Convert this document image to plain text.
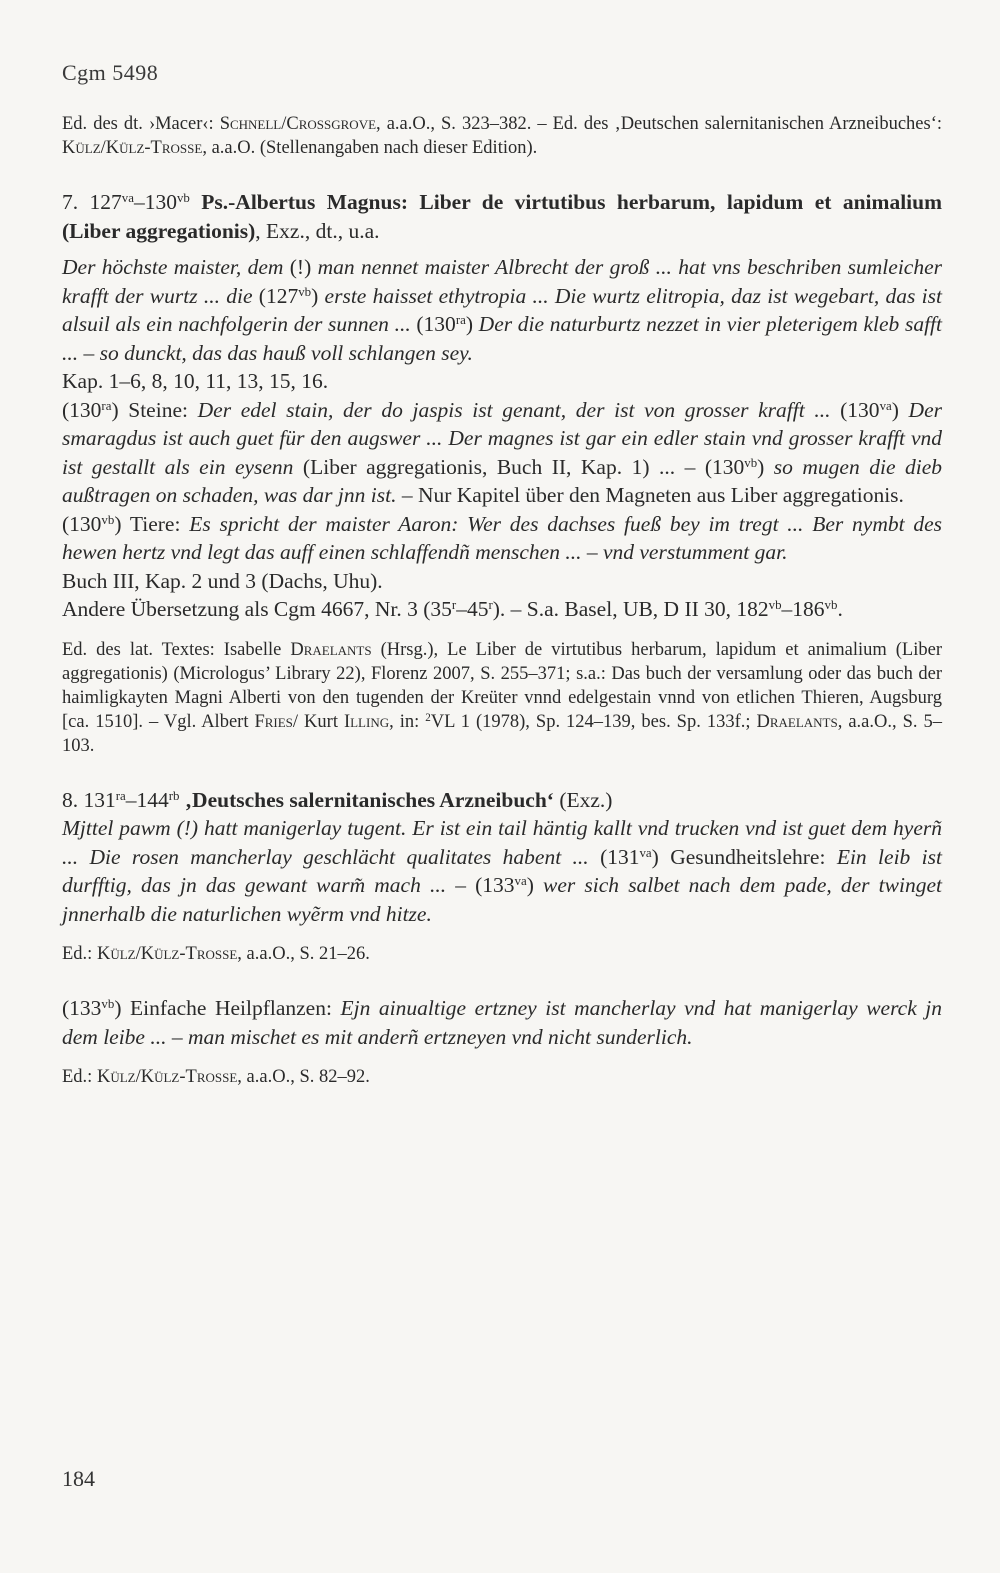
Cgm 5498

Ed. des dt. ›Macer‹: Schnell/Crossgrove, a.a.O., S. 323–382. – Ed. des ‚Deutschen salernitanischen Arzneibuches‘: Külz/Külz-Trosse, a.a.O. (Stellenangaben nach dieser Edition).

7. $127^{va}-130^{vb}$ Ps.-Albertus Magnus: Liber de virtutibus herbarum, lapidum et animalium (Liber aggregationis), Exz., dt., u.a.

Der höchste maister, dem (!) man nennet maister Albrecht der groß ... hat vns beschriben sumleicher krafft der wurtz ... die $(127^{vb})$ erste haisset ethytropia ... Die wurtz elitropia, daz ist wegebart, das ist alsuil als ein nachfolgerin der sunnen ... $(130^{ra})$ Der die naturburtz nezzet in vier pleterigem kleb safft ... – so dunckt, das das hauß voll schlangen sey.

Kap. 1–6, 8, 10, 11, 13, 15, 16.

$(130^{ra})$ Steine: Der edel stain, der do jaspis ist genant, der ist von grosser krafft ... $(130^{va})$ Der smaragdus ist auch guet für den augswer ... Der magnes ist gar ein edler stain vnd grosser krafft vnd ist gestallt als ein eysenn (Liber aggregationis, Buch II, Kap. 1) ... – $(130^{vb})$ so mugen die dieb außtragen on schaden, was dar jnn ist. – Nur Kapitel über den Magneten aus Liber aggregationis.

$(130^{vb})$ Tiere: Es spricht der maister Aaron: Wer des dachses fueß bey im tregt ... Ber nymbt des hewen hertz vnd legt das auff einen schlaffendñ menschen ... – vnd verstumment gar.

Buch III, Kap. 2 und 3 (Dachs, Uhu).

Andere Übersetzung als Cgm 4667, Nr. 3 (35$^r$–45$^r$). – S.a. Basel, UB, D II 30, $182^{vb}-186^{vb}$.

Ed. des lat. Textes: Isabelle Draelants (Hrsg.), Le Liber de virtutibus herbarum, lapidum et animalium (Liber aggregationis) (Micrologus’ Library 22), Florenz 2007, S. 255–371; s.a.: Das buch der versamlung oder das buch der haimligkayten Magni Alberti von den tugenden der Kreüter vnnd edelgestain vnnd von etlichen Thieren, Augsburg [ca. 1510]. – Vgl. Albert Fries/ Kurt Illing, in: $^2$VL 1 (1978), Sp. 124–139, bes. Sp. 133f.; Draelants, a.a.O., S. 5–103.

8. $131^{ra}-144^{rb}$ ‚Deutsches salernitanisches Arzneibuch‘ (Exz.)

Mjttel pawm (!) hatt manigerlay tugent. Er ist ein tail häntig kallt vnd trucken vnd ist guet dem hyerñ ... Die rosen mancherlay geschlächt qualitates habent ... $(131^{va})$ Gesundheitslehre: Ein leib ist durfftig, das jn das gewant warm̃ mach ... – $(133^{va})$ wer sich salbet nach dem pade, der twinget jnnerhalb die naturlichen wyẽrm vnd hitze.

Ed.: Külz/Külz-Trosse, a.a.O., S. 21–26.

$(133^{vb})$ Einfache Heilpflanzen: Ejn ainualtige ertzney ist mancherlay vnd hat manigerlay werck jn dem leibe ... – man mischet es mit anderñ ertzneyen vnd nicht sunderlich.

Ed.: Külz/Külz-Trosse, a.a.O., S. 82–92.

184
